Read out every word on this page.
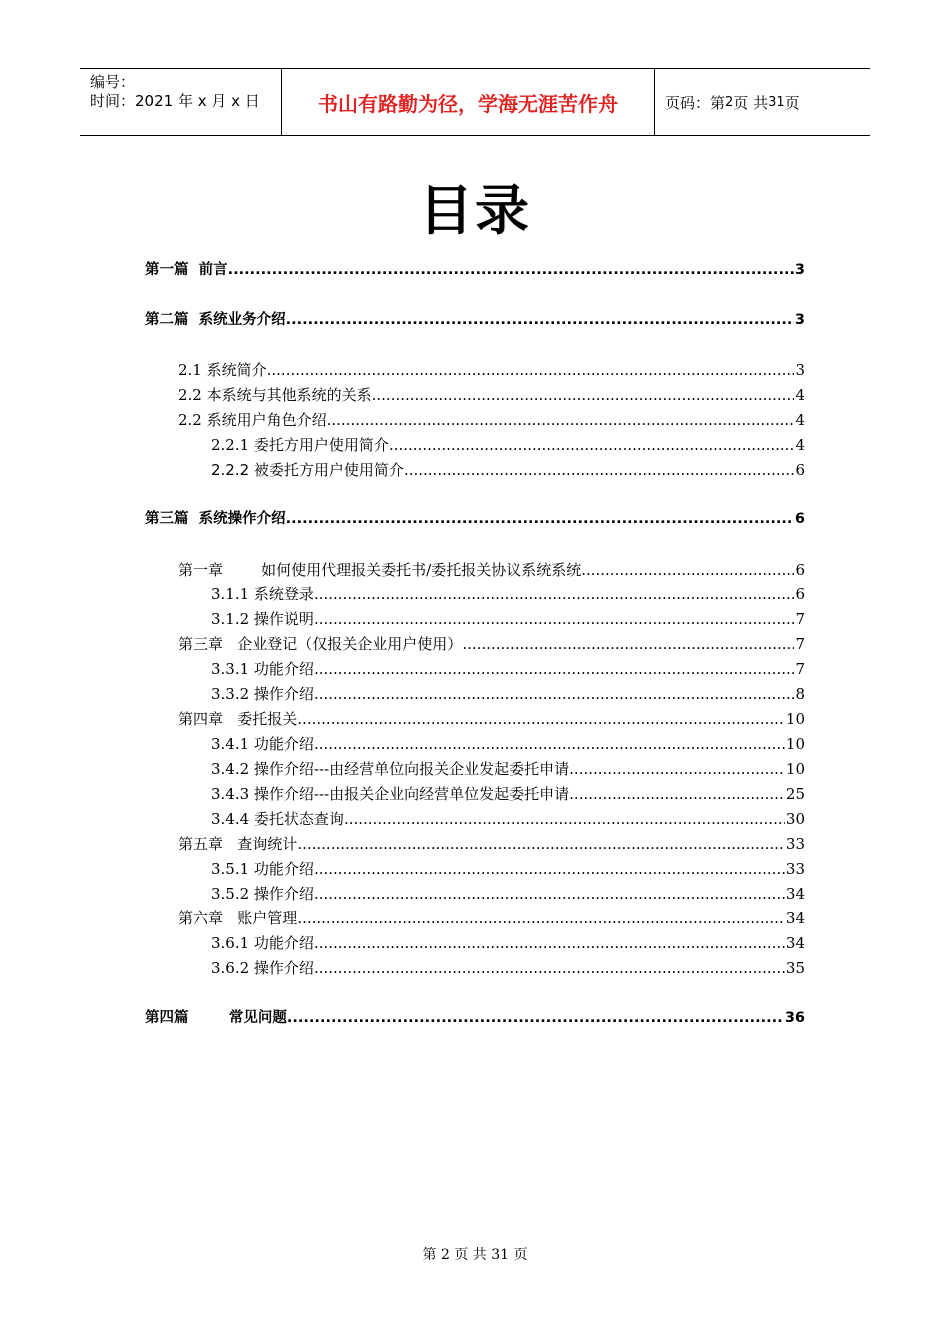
编号：
时间：2021 年 x 月 x 日	书山有路勤为径，学海无涯苦作舟	页码：第 2 页 共 31 页
目录
第一篇  前言 .....	3
第二篇  系统业务介绍 .....	3
2.1 系统简介 .....	3
2.2 本系统与其他系统的关系 .....	4
2.2 系统用户角色介绍 .....	4
2.2.1 委托方用户使用简介 .....	4
2.2.2 被委托方用户使用简介 .....	6
第三篇  系统操作介绍 .....	6
第一章        如何使用代理报关委托书/委托报关协议系统系统 .....	6
3.1.1 系统登录 .....	6
3.1.2 操作说明 .....	7
第三章   企业登记（仅报关企业用户使用） .....	7
3.3.1 功能介绍 .....	7
3.3.2 操作介绍 .....	8
第四章   委托报关 .....	10
3.4.1 功能介绍 .....	10
3.4.2 操作介绍---由经营单位向报关企业发起委托申请 .....	10
3.4.3 操作介绍---由报关企业向经营单位发起委托申请 .....	25
3.4.4 委托状态查询 .....	30
第五章   查询统计 .....	33
3.5.1 功能介绍 .....	33
3.5.2 操作介绍 .....	34
第六章   账户管理 .....	34
3.6.1 功能介绍 .....	34
3.6.2 操作介绍 .....	35
第四篇        常见问题 .....	36
第 2 页 共 31 页
